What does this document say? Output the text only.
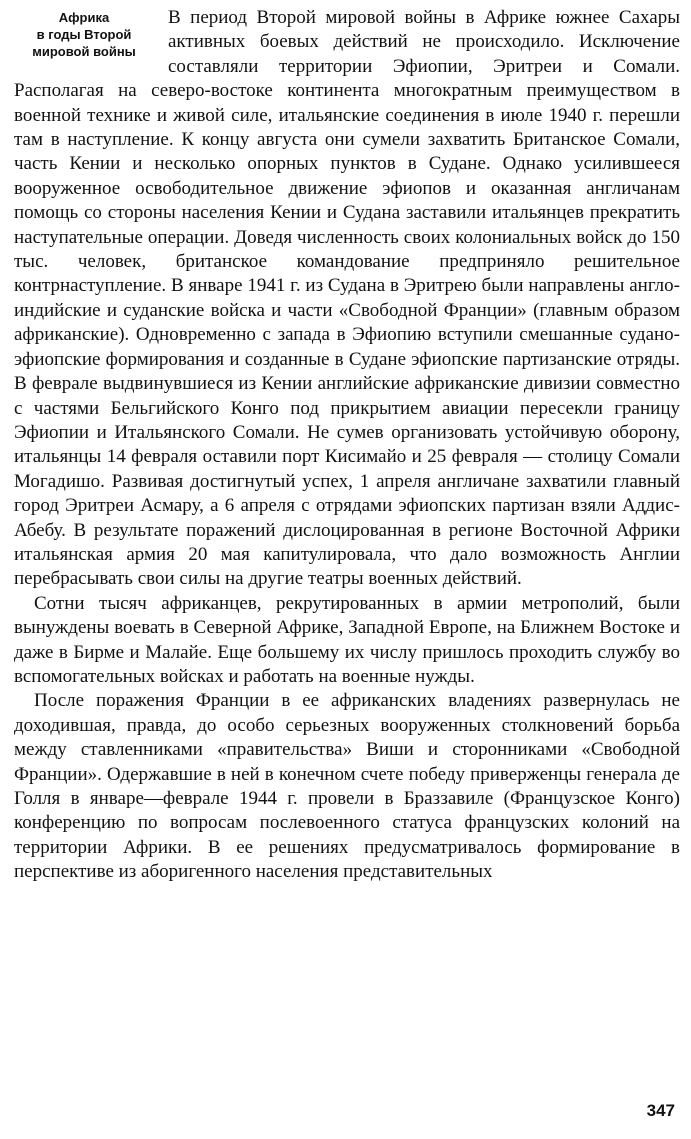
Африка
в годы Второй
мировой войны

В период Второй мировой войны в Африке южнее Сахары активных боевых действий не происходило. Исключение составляли территории Эфиопии, Эритреи и Сомали. Располагая на северо-востоке континента многократным преимуществом в военной технике и живой силе, итальянские соединения в июле 1940 г. перешли там в наступление. К концу августа они сумели захватить Британское Сомали, часть Кении и несколько опорных пунктов в Судане. Однако усилившееся вооруженное освободительное движение эфиопов и оказанная англичанам помощь со стороны населения Кении и Судана заставили итальянцев прекратить наступательные операции. Доведя численность своих колониальных войск до 150 тыс. человек, британское командование предприняло решительное контрнаступление. В январе 1941 г. из Судана в Эритрею были направлены англо-индийские и суданские войска и части «Свободной Франции» (главным образом африканские). Одновременно с запада в Эфиопию вступили смешанные судано-эфиопские формирования и созданные в Судане эфиопские партизанские отряды. В феврале выдвинувшиеся из Кении английские африканские дивизии совместно с частями Бельгийского Конго под прикрытием авиации пересекли границу Эфиопии и Итальянского Сомали. Не сумев организовать устойчивую оборону, итальянцы 14 февраля оставили порт Кисимайо и 25 февраля — столицу Сомали Могадишо. Развивая достигнутый успех, 1 апреля англичане захватили главный город Эритреи Асмару, а 6 апреля с отрядами эфиопских партизан взяли Аддис-Абебу. В результате поражений дислоцированная в регионе Восточной Африки итальянская армия 20 мая капитулировала, что дало возможность Англии перебрасывать свои силы на другие театры военных действий.

Сотни тысяч африканцев, рекрутированных в армии метрополий, были вынуждены воевать в Северной Африке, Западной Европе, на Ближнем Востоке и даже в Бирме и Малайе. Еще большему их числу пришлось проходить службу во вспомогательных войсках и работать на военные нужды.

После поражения Франции в ее африканских владениях развернулась не доходившая, правда, до особо серьезных вооруженных столкновений борьба между ставленниками «правительства» Виши и сторонниками «Свободной Франции». Одержавшие в ней в конечном счете победу приверженцы генерала де Голля в январе—феврале 1944 г. провели в Браззавиле (Французское Конго) конференцию по вопросам послевоенного статуса французских колоний на территории Африки. В ее решениях предусматривалось формирование в перспективе из аборигенного населения представительных

347
